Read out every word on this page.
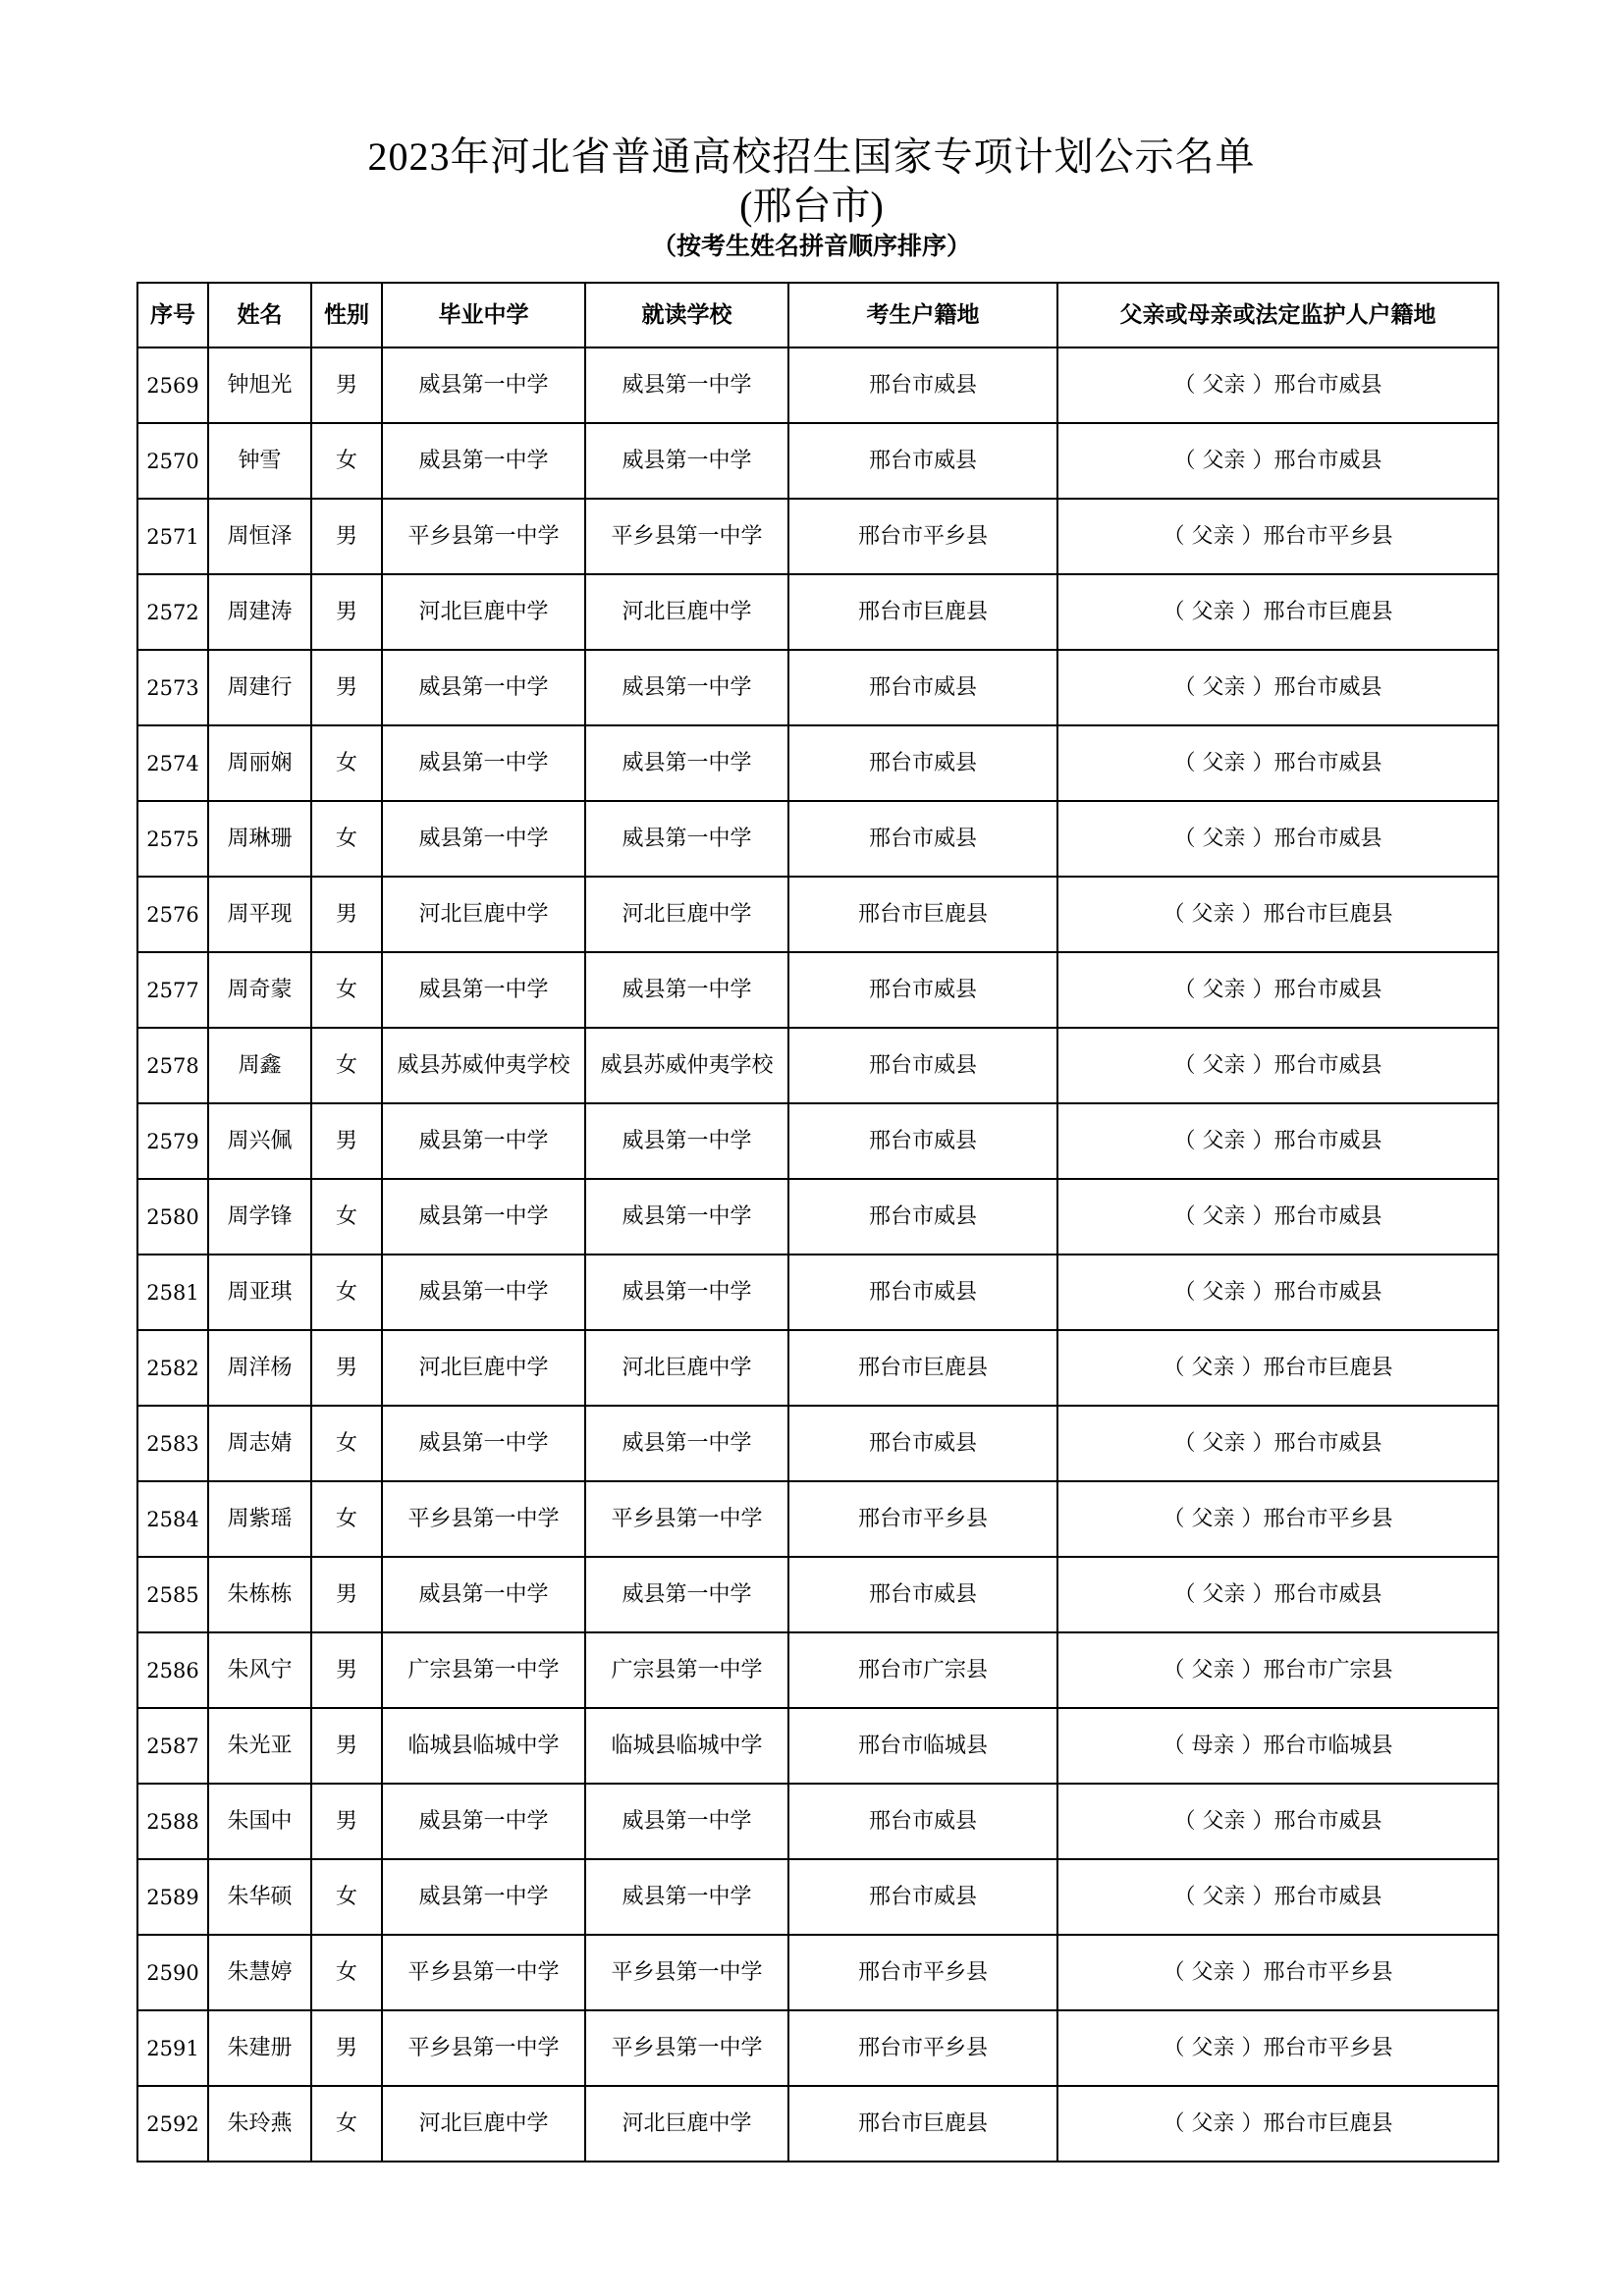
2023年河北省普通高校招生国家专项计划公示名单
(邢台市)
（按考生姓名拼音顺序排序）
序号	姓名	性别	毕业中学	就读学校	考生户籍地	父亲或母亲或法定监护人户籍地
2569	钟旭光	男	威县第一中学	威县第一中学	邢台市威县	（ 父亲 ）邢台市威县
2570	钟雪	女	威县第一中学	威县第一中学	邢台市威县	（ 父亲 ）邢台市威县
2571	周恒泽	男	平乡县第一中学	平乡县第一中学	邢台市平乡县	（ 父亲 ）邢台市平乡县
2572	周建涛	男	河北巨鹿中学	河北巨鹿中学	邢台市巨鹿县	（ 父亲 ）邢台市巨鹿县
2573	周建行	男	威县第一中学	威县第一中学	邢台市威县	（ 父亲 ）邢台市威县
2574	周丽娴	女	威县第一中学	威县第一中学	邢台市威县	（ 父亲 ）邢台市威县
2575	周琳珊	女	威县第一中学	威县第一中学	邢台市威县	（ 父亲 ）邢台市威县
2576	周平现	男	河北巨鹿中学	河北巨鹿中学	邢台市巨鹿县	（ 父亲 ）邢台市巨鹿县
2577	周奇蒙	女	威县第一中学	威县第一中学	邢台市威县	（ 父亲 ）邢台市威县
2578	周鑫	女	威县苏威仲夷学校	威县苏威仲夷学校	邢台市威县	（ 父亲 ）邢台市威县
2579	周兴佩	男	威县第一中学	威县第一中学	邢台市威县	（ 父亲 ）邢台市威县
2580	周学锋	女	威县第一中学	威县第一中学	邢台市威县	（ 父亲 ）邢台市威县
2581	周亚琪	女	威县第一中学	威县第一中学	邢台市威县	（ 父亲 ）邢台市威县
2582	周洋杨	男	河北巨鹿中学	河北巨鹿中学	邢台市巨鹿县	（ 父亲 ）邢台市巨鹿县
2583	周志婧	女	威县第一中学	威县第一中学	邢台市威县	（ 父亲 ）邢台市威县
2584	周紫瑶	女	平乡县第一中学	平乡县第一中学	邢台市平乡县	（ 父亲 ）邢台市平乡县
2585	朱栋栋	男	威县第一中学	威县第一中学	邢台市威县	（ 父亲 ）邢台市威县
2586	朱风宁	男	广宗县第一中学	广宗县第一中学	邢台市广宗县	（ 父亲 ）邢台市广宗县
2587	朱光亚	男	临城县临城中学	临城县临城中学	邢台市临城县	（ 母亲 ）邢台市临城县
2588	朱国中	男	威县第一中学	威县第一中学	邢台市威县	（ 父亲 ）邢台市威县
2589	朱华硕	女	威县第一中学	威县第一中学	邢台市威县	（ 父亲 ）邢台市威县
2590	朱慧婷	女	平乡县第一中学	平乡县第一中学	邢台市平乡县	（ 父亲 ）邢台市平乡县
2591	朱建册	男	平乡县第一中学	平乡县第一中学	邢台市平乡县	（ 父亲 ）邢台市平乡县
2592	朱玲燕	女	河北巨鹿中学	河北巨鹿中学	邢台市巨鹿县	（ 父亲 ）邢台市巨鹿县
